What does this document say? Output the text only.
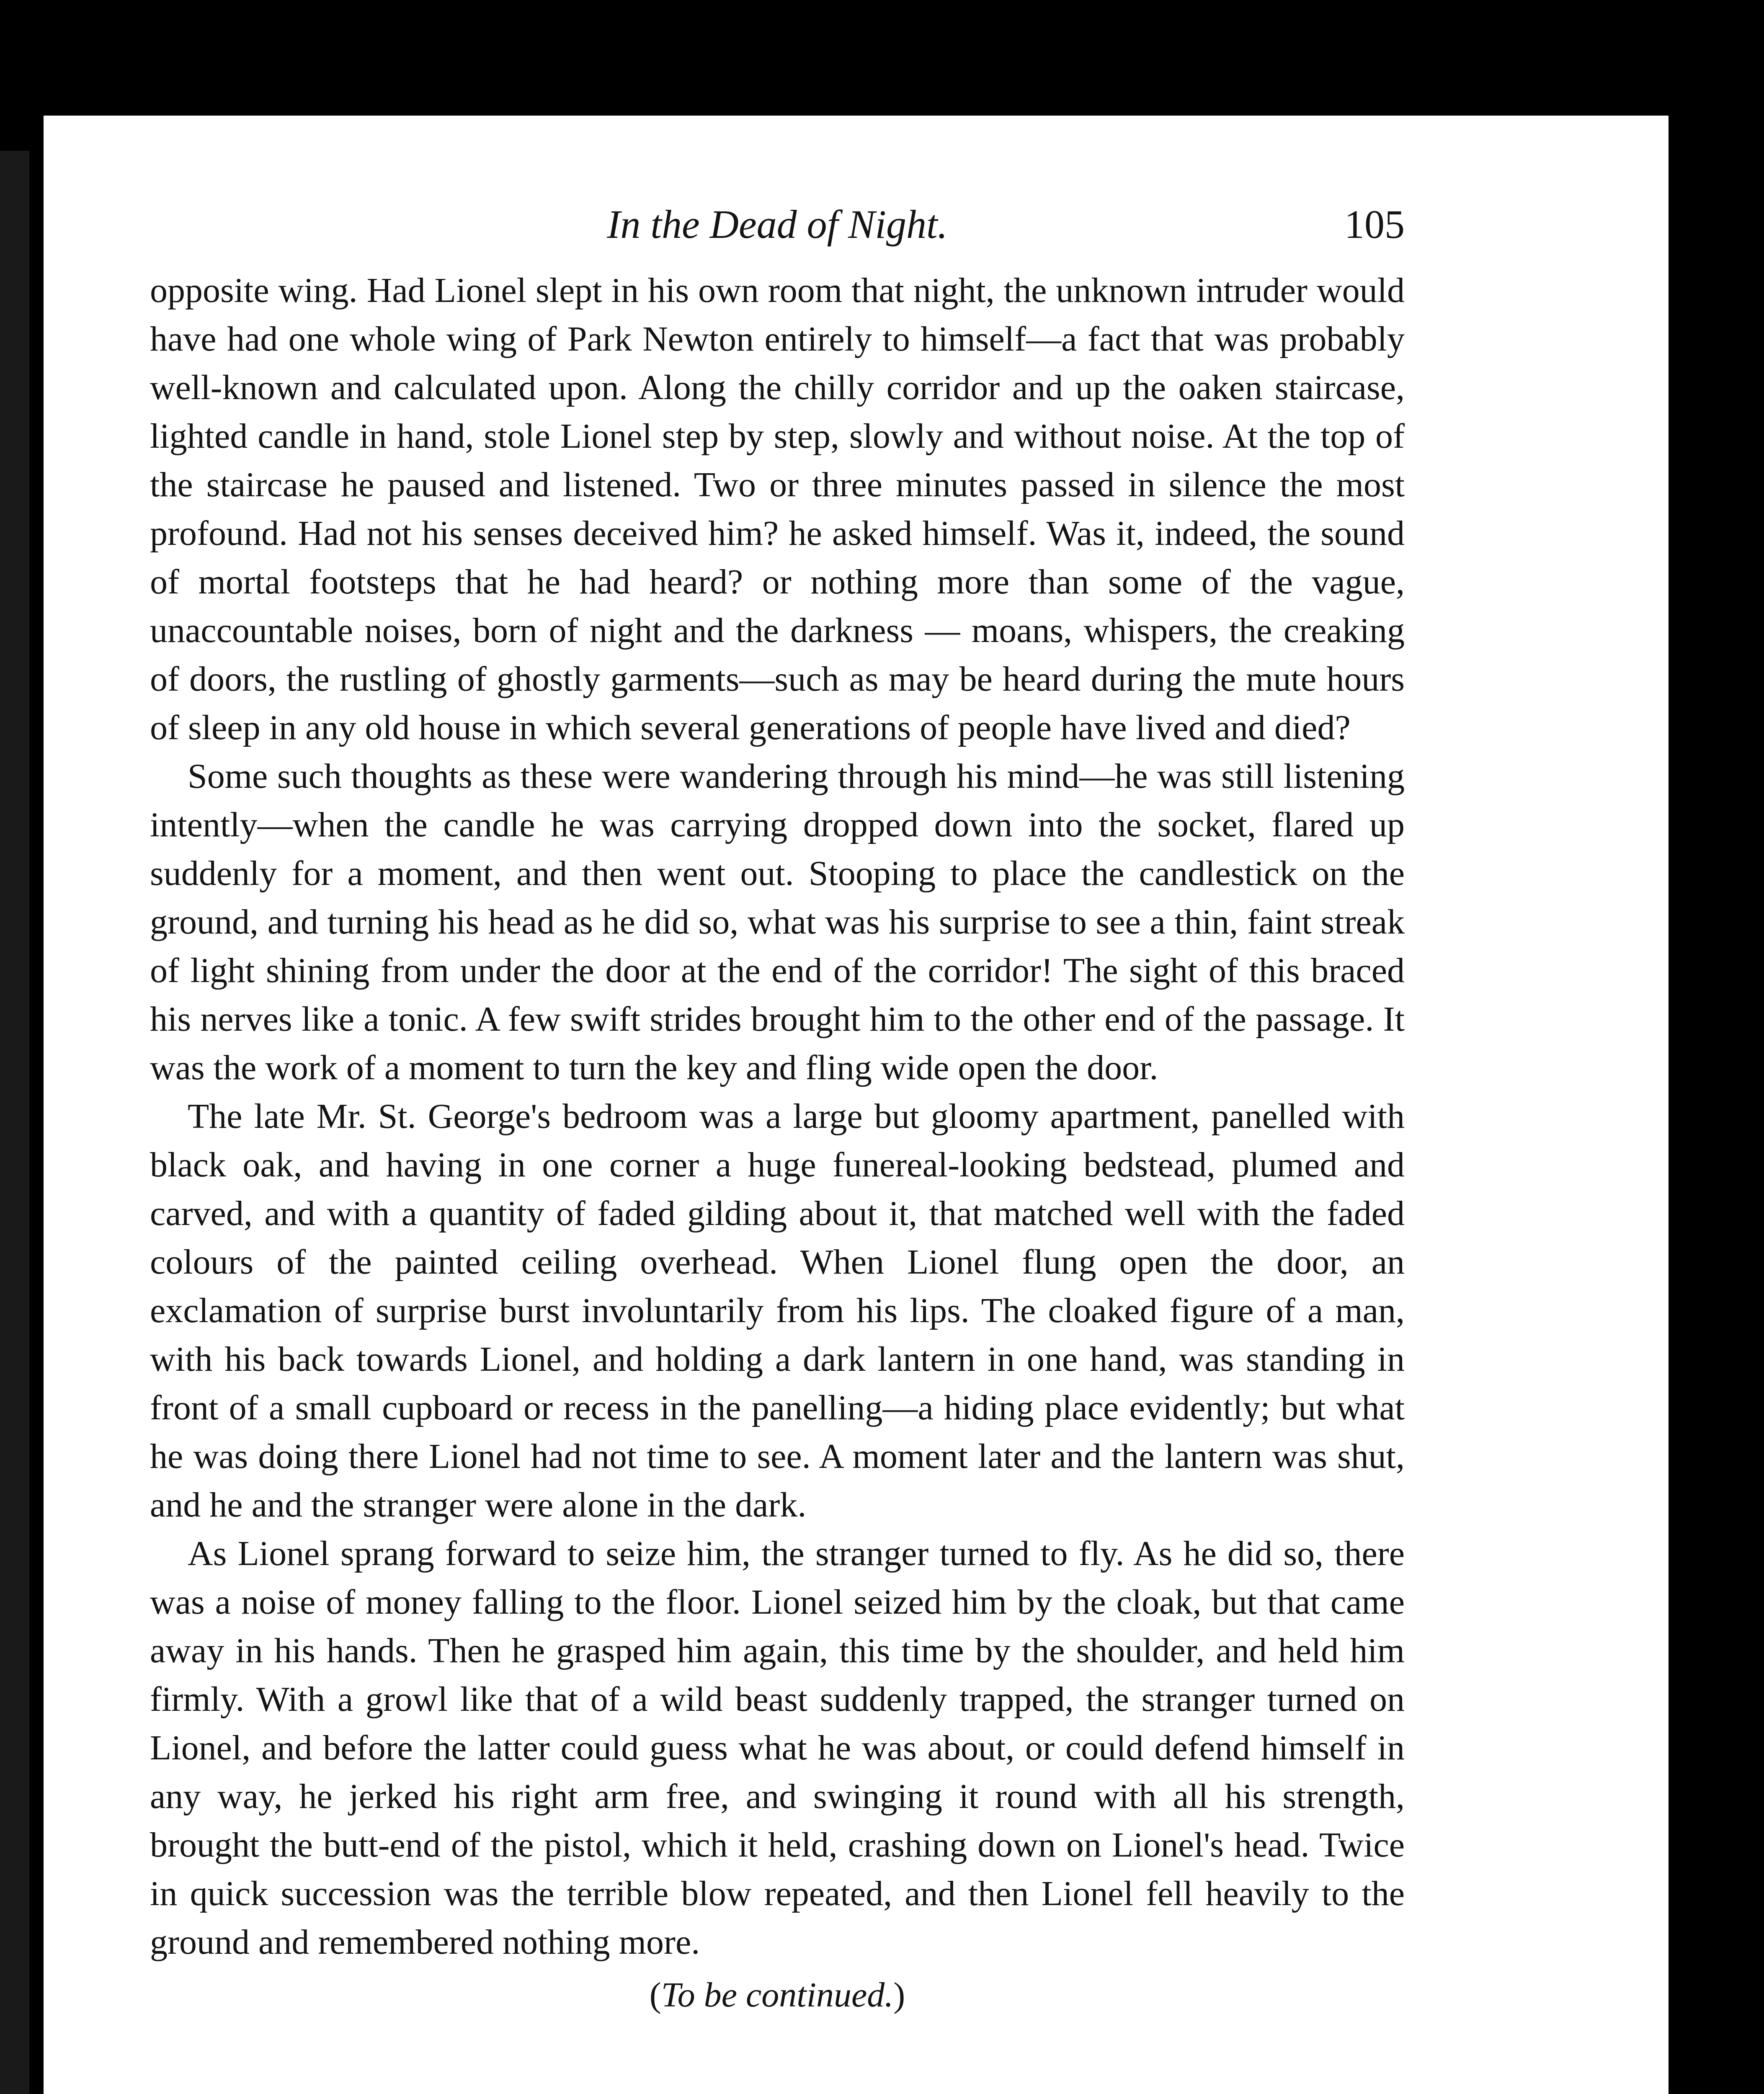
In the Dead of Night.	105

opposite wing. Had Lionel slept in his own room that night, the unknown intruder would have had one whole wing of Park Newton entirely to himself—a fact that was probably well-known and calculated upon. Along the chilly corridor and up the oaken staircase, lighted candle in hand, stole Lionel step by step, slowly and without noise. At the top of the staircase he paused and listened. Two or three minutes passed in silence the most profound. Had not his senses deceived him? he asked himself. Was it, indeed, the sound of mortal footsteps that he had heard? or nothing more than some of the vague, unaccountable noises, born of night and the darkness — moans, whispers, the creaking of doors, the rustling of ghostly garments—such as may be heard during the mute hours of sleep in any old house in which several generations of people have lived and died?

Some such thoughts as these were wandering through his mind—he was still listening intently—when the candle he was carrying dropped down into the socket, flared up suddenly for a moment, and then went out. Stooping to place the candlestick on the ground, and turning his head as he did so, what was his surprise to see a thin, faint streak of light shining from under the door at the end of the corridor! The sight of this braced his nerves like a tonic. A few swift strides brought him to the other end of the passage. It was the work of a moment to turn the key and fling wide open the door.

The late Mr. St. George's bedroom was a large but gloomy apartment, panelled with black oak, and having in one corner a huge funereal-looking bedstead, plumed and carved, and with a quantity of faded gilding about it, that matched well with the faded colours of the painted ceiling overhead. When Lionel flung open the door, an exclamation of surprise burst involuntarily from his lips. The cloaked figure of a man, with his back towards Lionel, and holding a dark lantern in one hand, was standing in front of a small cupboard or recess in the panelling—a hiding place evidently; but what he was doing there Lionel had not time to see. A moment later and the lantern was shut, and he and the stranger were alone in the dark.

As Lionel sprang forward to seize him, the stranger turned to fly. As he did so, there was a noise of money falling to the floor. Lionel seized him by the cloak, but that came away in his hands. Then he grasped him again, this time by the shoulder, and held him firmly. With a growl like that of a wild beast suddenly trapped, the stranger turned on Lionel, and before the latter could guess what he was about, or could defend himself in any way, he jerked his right arm free, and swinging it round with all his strength, brought the butt-end of the pistol, which it held, crashing down on Lionel's head. Twice in quick succession was the terrible blow repeated, and then Lionel fell heavily to the ground and remembered nothing more.

(To be continued.)
